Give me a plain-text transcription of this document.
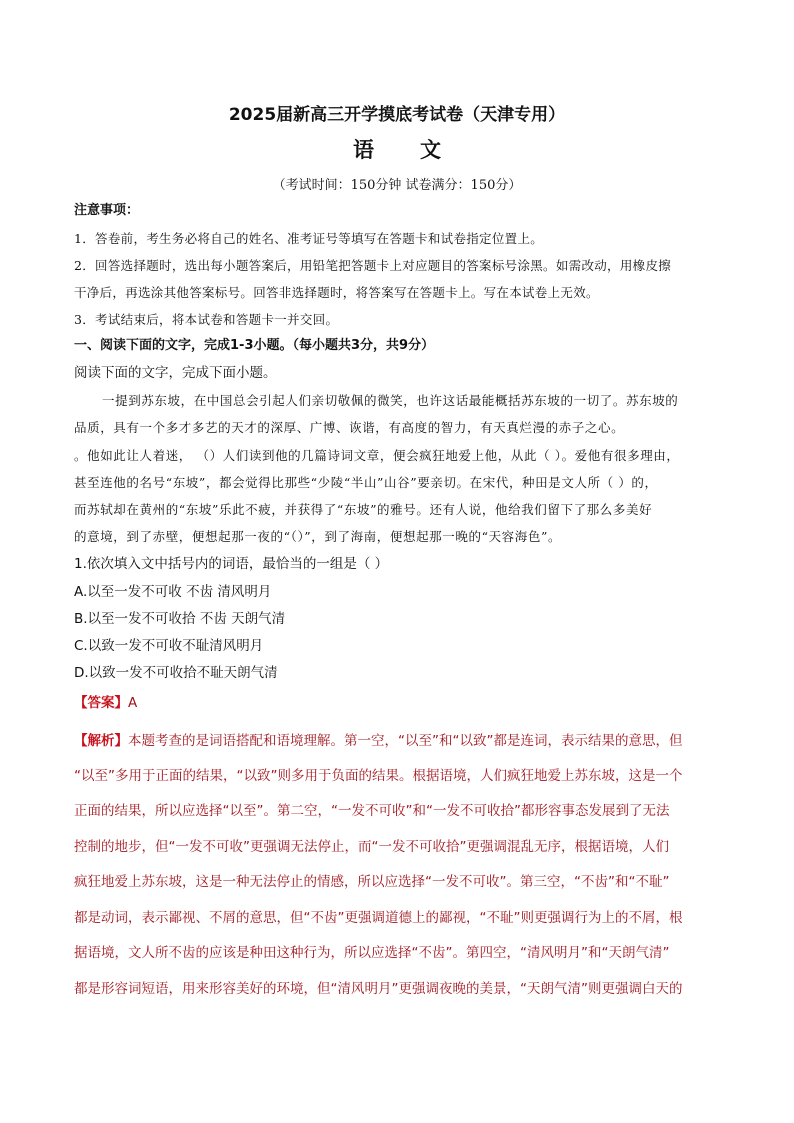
2025届新高三开学摸底考试卷（天津专用）
语文
（考试时间：150分钟 试卷满分：150分）
注意事项：
1．答卷前，考生务必将自己的姓名、准考证号等填写在答题卡和试卷指定位置上。
2．回答选择题时，选出每小题答案后，用铅笔把答题卡上对应题目的答案标号涂黑。如需改动，用橡皮擦
干净后，再选涂其他答案标号。回答非选择题时，将答案写在答题卡上。写在本试卷上无效。
3．考试结束后，将本试卷和答题卡一并交回。
一、阅读下面的文字，完成1-3小题。（每小题共3分，共9分）
阅读下面的文字，完成下面小题。
一提到苏东坡，在中国总会引起人们亲切敬佩的微笑，也许这话最能概括苏东坡的一切了。苏东坡的
品质，具有一个多才多艺的天才的深厚、广博、诙谐，有高度的智力，有天真烂漫的赤子之心。
。他如此让人着迷， （）人们读到他的几篇诗词文章，便会疯狂地爱上他，从此（ ）。爱他有很多理由，
甚至连他的名号“东坡”，都会觉得比那些“少陵“半山”山谷”要亲切。在宋代，种田是文人所（ ）的，
而苏轼却在黄州的“东坡”乐此不疲，并获得了“东坡”的雅号。还有人说，他给我们留下了那么多美好
的意境，到了赤壁，便想起那一夜的“（）”，到了海南，便想起那一晚的“天容海色”。
1.依次填入文中括号内的词语，最恰当的一组是（ ）
A.以至一发不可收 不齿 清风明月
B.以至一发不可收拾 不齿 天朗气清
C.以致一发不可收不耻清风明月
D.以致一发不可收拾不耻天朗气清
【答案】A
【解析】本题考查的是词语搭配和语境理解。第一空，“以至”和“以致”都是连词，表示结果的意思，但
“以至”多用于正面的结果，“以致”则多用于负面的结果。根据语境，人们疯狂地爱上苏东坡，这是一个
正面的结果，所以应选择“以至”。第二空，“一发不可收”和“一发不可收拾”都形容事态发展到了无法
控制的地步，但“一发不可收”更强调无法停止，而“一发不可收拾”更强调混乱无序，根据语境，人们
疯狂地爱上苏东坡，这是一种无法停止的情感，所以应选择“一发不可收”。第三空，“不齿”和“不耻”
都是动词，表示鄙视、不屑的意思，但“不齿”更强调道德上的鄙视，“不耻”则更强调行为上的不屑，根
据语境，文人所不齿的应该是种田这种行为，所以应选择“不齿”。第四空，“清风明月”和“天朗气清”
都是形容词短语，用来形容美好的环境，但“清风明月”更强调夜晚的美景，“天朗气清”则更强调白天的
